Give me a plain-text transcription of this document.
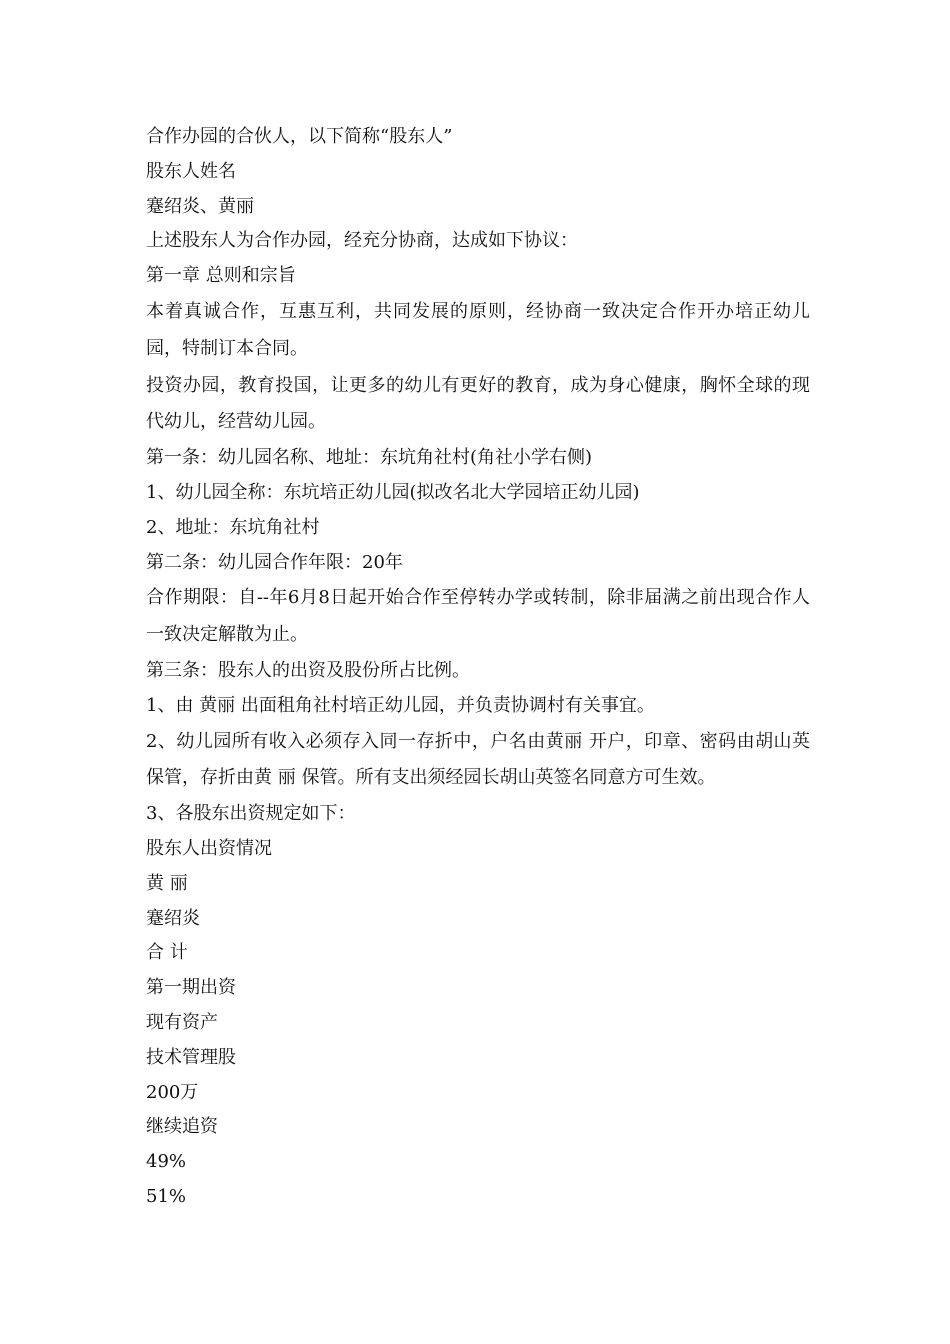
合作办园的合伙人，以下简称“股东人”
股东人姓名
蹇绍炎、黄丽
上述股东人为合作办园，经充分协商，达成如下协议：
第一章 总则和宗旨
本着真诚合作，互惠互利，共同发展的原则，经协商一致决定合作开办培正幼儿园，特制订本合同。
投资办园，教育投国，让更多的幼儿有更好的教育，成为身心健康，胸怀全球的现代幼儿，经营幼儿园。
第一条：幼儿园名称、地址：东坑角社村(角社小学右侧)
1、幼儿园全称：东坑培正幼儿园(拟改名北大学园培正幼儿园)
2、地址：东坑角社村
第二条：幼儿园合作年限：20年
合作期限：自--年6月8日起开始合作至停转办学或转制，除非届满之前出现合作人一致决定解散为止。
第三条：股东人的出资及股份所占比例。
1、由 黄丽 出面租角社村培正幼儿园，并负责协调村有关事宜。
2、幼儿园所有收入必须存入同一存折中，户名由黄丽 开户，印章、密码由胡山英保管，存折由黄 丽 保管。所有支出须经园长胡山英签名同意方可生效。
3、各股东出资规定如下：
股东人出资情况
黄 丽
蹇绍炎
合 计
第一期出资
现有资产
技术管理股
200万
继续追资
49%
51%
